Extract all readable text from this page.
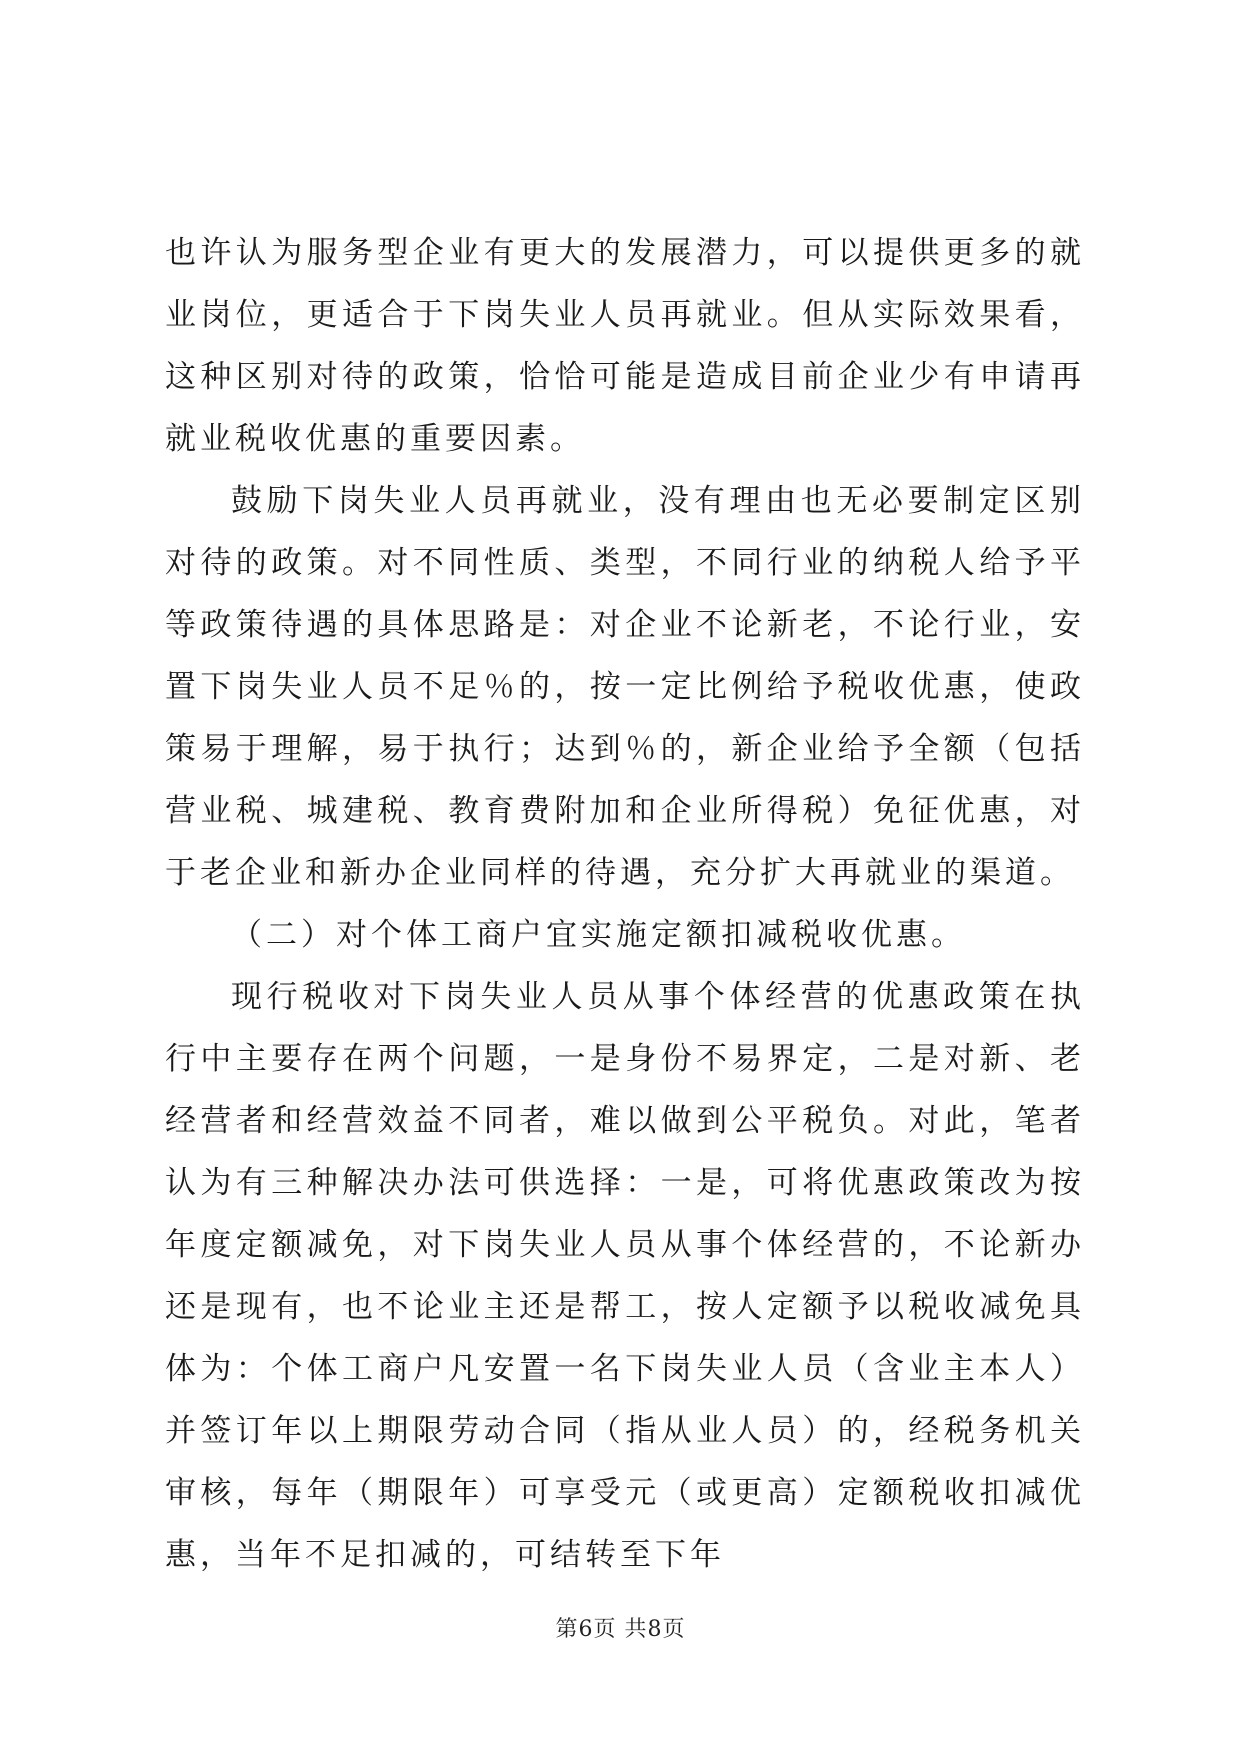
也许认为服务型企业有更大的发展潜力，可以提供更多的就业岗位，更适合于下岗失业人员再就业。但从实际效果看，这种区别对待的政策，恰恰可能是造成目前企业少有申请再就业税收优惠的重要因素。

鼓励下岗失业人员再就业，没有理由也无必要制定区别对待的政策。对不同性质、类型，不同行业的纳税人给予平等政策待遇的具体思路是：对企业不论新老，不论行业，安置下岗失业人员不足％的，按一定比例给予税收优惠，使政策易于理解，易于执行；达到％的，新企业给予全额（包括营业税、城建税、教育费附加和企业所得税）免征优惠，对于老企业和新办企业同样的待遇，充分扩大再就业的渠道。

（二）对个体工商户宜实施定额扣减税收优惠。

现行税收对下岗失业人员从事个体经营的优惠政策在执行中主要存在两个问题，一是身份不易界定，二是对新、老经营者和经营效益不同者，难以做到公平税负。对此，笔者认为有三种解决办法可供选择：一是，可将优惠政策改为按年度定额减免，对下岗失业人员从事个体经营的，不论新办还是现有，也不论业主还是帮工，按人定额予以税收减免具体为：个体工商户凡安置一名下岗失业人员（含业主本人）并签订年以上期限劳动合同（指从业人员）的，经税务机关审核，每年（期限年）可享受元（或更高）定额税收扣减优惠，当年不足扣减的，可结转至下年

第6页 共8页
